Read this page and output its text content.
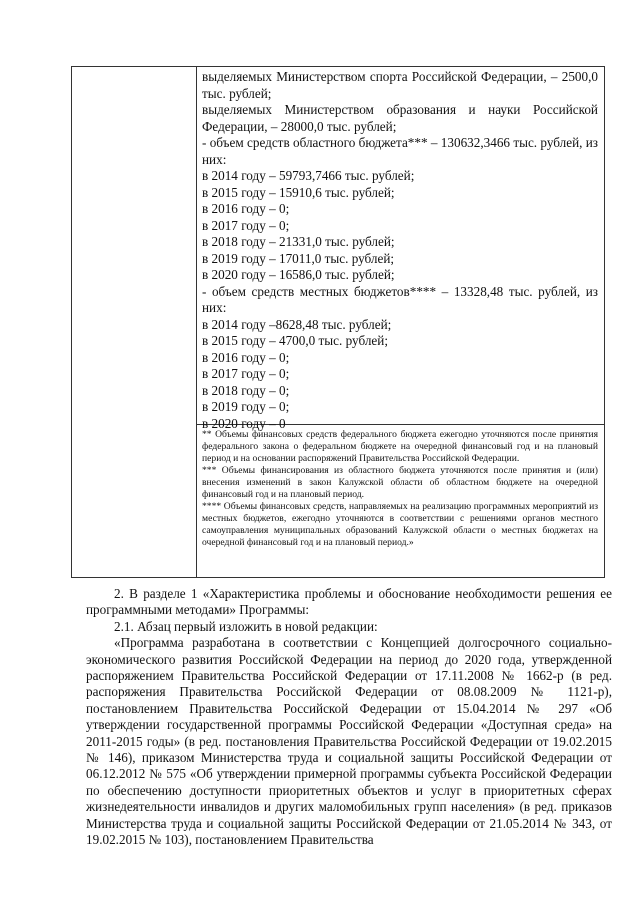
выделяемых Министерством спорта Российской Федерации, – 2500,0 тыс. рублей;

выделяемых Министерством образования и науки Российской Федерации, – 28000,0 тыс. рублей;

- объем средств областного бюджета*** – 130632,3466 тыс. рублей, из них:

в 2014 году – 59793,7466 тыс. рублей;

в 2015 году – 15910,6 тыс. рублей;

в 2016 году – 0;

в 2017 году – 0;

в 2018 году – 21331,0 тыс. рублей;

в 2019 году – 17011,0 тыс. рублей;

в 2020 году – 16586,0 тыс. рублей;

- объем средств местных бюджетов**** – 13328,48 тыс. рублей, из них:

в 2014 году –8628,48 тыс. рублей;

в 2015 году – 4700,0 тыс. рублей;

в 2016 году – 0;

в 2017 году – 0;

в 2018 году – 0;

в 2019 году – 0;

в 2020 году – 0

** Объемы финансовых средств федерального бюджета ежегодно уточняются после принятия федерального закона о федеральном бюджете на очередной финансовый год и на плановый период и на основании распоряжений Правительства Российской Федерации.

*** Объемы финансирования из областного бюджета уточняются после принятия и (или) внесения изменений в закон Калужской области об областном бюджете на очередной финансовый год и на плановый период.

**** Объемы финансовых средств, направляемых на реализацию программных мероприятий из местных бюджетов, ежегодно уточняются в соответствии с решениями органов местного самоуправления муниципальных образований Калужской области о местных бюджетах на очередной финансовый год и на плановый период.»

2. В разделе 1 «Характеристика проблемы и обоснование необходимости решения ее программными методами» Программы:

2.1. Абзац первый изложить в новой редакции:

«Программа разработана в соответствии с Концепцией долгосрочного социально-экономического развития Российской Федерации на период до 2020 года, утвержденной распоряжением Правительства Российской Федерации от 17.11.2008 № 1662-р (в ред. распоряжения Правительства Российской Федерации от 08.08.2009 № 1121-р), постановлением Правительства Российской Федерации от 15.04.2014 № 297 «Об утверждении государственной программы Российской Федерации «Доступная среда» на 2011-2015 годы» (в ред. постановления Правительства Российской Федерации от 19.02.2015 № 146), приказом Министерства труда и социальной защиты Российской Федерации от 06.12.2012 № 575 «Об утверждении примерной программы субъекта Российской Федерации по обеспечению доступности приоритетных объектов и услуг в приоритетных сферах жизнедеятельности инвалидов и других маломобильных групп населения» (в ред. приказов Министерства труда и социальной защиты Российской Федерации от 21.05.2014 № 343, от 19.02.2015 № 103), постановлением Правительства
